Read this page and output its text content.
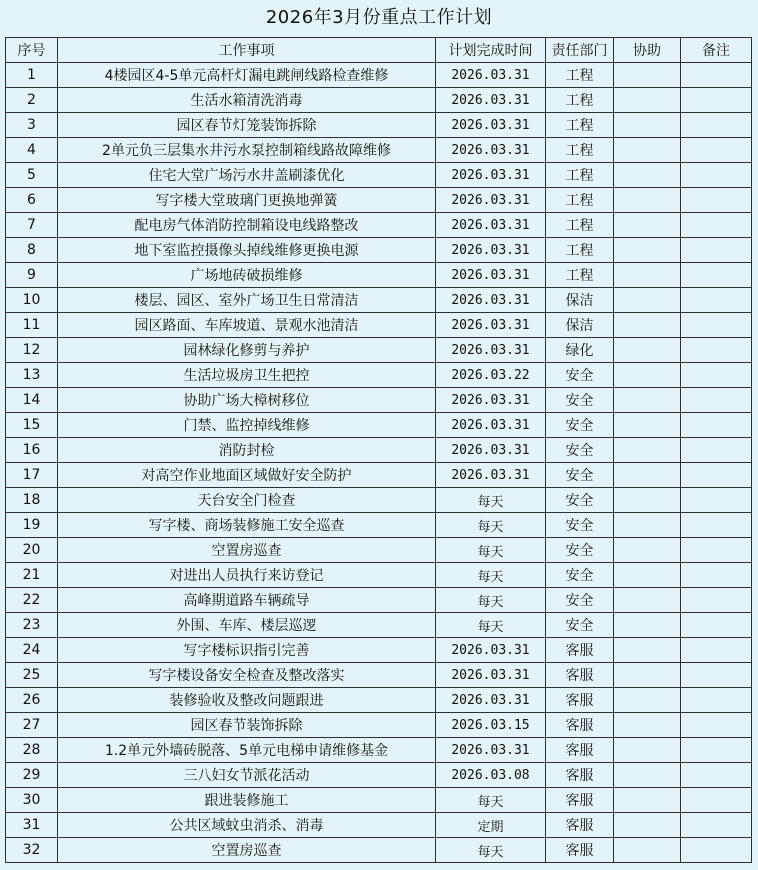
2026年3月份重点工作计划
序号	工作事项	计划完成时间	责任部门	协助	备注
1	4楼园区4-5单元高杆灯漏电跳闸线路检查维修	2026.03.31	工程		
2	生活水箱清洗消毒	2026.03.31	工程		
3	园区春节灯笼装饰拆除	2026.03.31	工程		
4	2单元负三层集水井污水泵控制箱线路故障维修	2026.03.31	工程		
5	住宅大堂广场污水井盖刷漆优化	2026.03.31	工程		
6	写字楼大堂玻璃门更换地弹簧	2026.03.31	工程		
7	配电房气体消防控制箱设电线路整改	2026.03.31	工程		
8	地下室监控摄像头掉线维修更换电源	2026.03.31	工程		
9	广场地砖破损维修	2026.03.31	工程		
10	楼层、园区、室外广场卫生日常清洁	2026.03.31	保洁		
11	园区路面、车库坡道、景观水池清洁	2026.03.31	保洁		
12	园林绿化修剪与养护	2026.03.31	绿化		
13	生活垃圾房卫生把控	2026.03.22	安全		
14	协助广场大樟树移位	2026.03.31	安全		
15	门禁、监控掉线维修	2026.03.31	安全		
16	消防封检	2026.03.31	安全		
17	对高空作业地面区域做好安全防护	2026.03.31	安全		
18	天台安全门检查	每天	安全		
19	写字楼、商场装修施工安全巡查	每天	安全		
20	空置房巡查	每天	安全		
21	对进出人员执行来访登记	每天	安全		
22	高峰期道路车辆疏导	每天	安全		
23	外围、车库、楼层巡逻	每天	安全		
24	写字楼标识指引完善	2026.03.31	客服		
25	写字楼设备安全检查及整改落实	2026.03.31	客服		
26	装修验收及整改问题跟进	2026.03.31	客服		
27	园区春节装饰拆除	2026.03.15	客服		
28	1.2单元外墙砖脱落、5单元电梯申请维修基金	2026.03.31	客服		
29	三八妇女节派花活动	2026.03.08	客服		
30	跟进装修施工	每天	客服		
31	公共区域蚊虫消杀、消毒	定期	客服		
32	空置房巡查	每天	客服		
